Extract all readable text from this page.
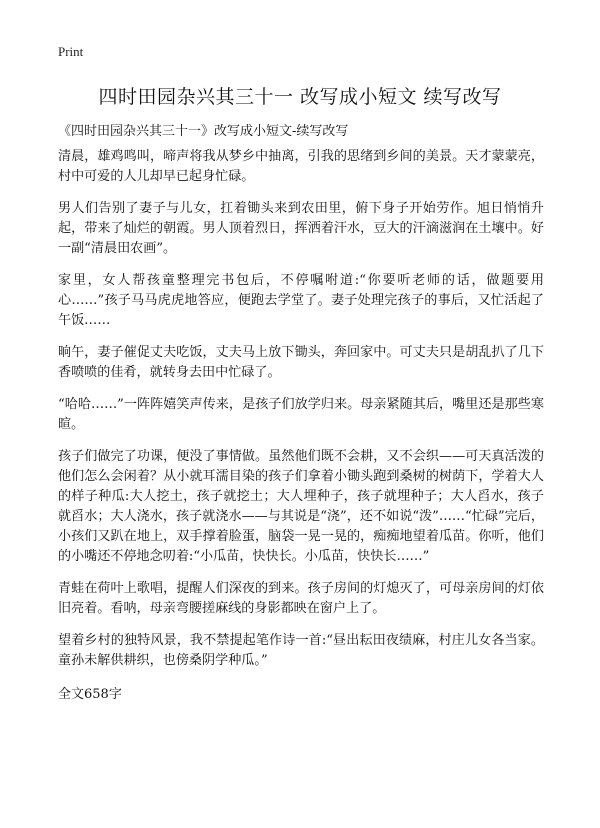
Print
四时田园杂兴其三十一 改写成小短文 续写改写
《四时田园杂兴其三十一》改写成小短文-续写改写

清晨，雄鸡鸣叫，啼声将我从梦乡中抽离，引我的思绪到乡间的美景。天才蒙蒙亮，村中可爱的人儿却早已起身忙碌。

男人们告别了妻子与儿女，扛着锄头来到农田里，俯下身子开始劳作。旭日悄悄升起，带来了灿烂的朝霞。男人顶着烈日，挥洒着汗水，豆大的汗滴滋润在土壤中。好一副“清晨田农画”。

家里，女人帮孩童整理完书包后，不停嘱咐道:“你要听老师的话，做题要用心……”孩子马马虎虎地答应，便跑去学堂了。妻子处理完孩子的事后，又忙活起了午饭……

晌午，妻子催促丈夫吃饭，丈夫马上放下锄头，奔回家中。可丈夫只是胡乱扒了几下香喷喷的佳肴，就转身去田中忙碌了。

“哈哈……”一阵阵嬉笑声传来，是孩子们放学归来。母亲紧随其后，嘴里还是那些寒暄。

孩子们做完了功课，便没了事情做。虽然他们既不会耕，又不会织——可天真活泼的他们怎么会闲着？从小就耳濡目染的孩子们拿着小锄头跑到桑树的树荫下，学着大人的样子种瓜:大人挖土，孩子就挖土；大人埋种子，孩子就埋种子；大人舀水，孩子就舀水；大人浇水，孩子就浇水——与其说是“浇”，还不如说“泼”……“忙碌”完后，小孩们又趴在地上，双手撑着脸蛋，脑袋一晃一晃的，痴痴地望着瓜苗。你听，他们的小嘴还不停地念叨着:“小瓜苗，快快长。小瓜苗，快快长……”

青蛙在荷叶上歌唱，提醒人们深夜的到来。孩子房间的灯熄灭了，可母亲房间的灯依旧亮着。看呐，母亲弯腰搓麻线的身影都映在窗户上了。

望着乡村的独特风景，我不禁提起笔作诗一首:“昼出耘田夜绩麻，村庄儿女各当家。童孙未解供耕织，也傍桑阴学种瓜。”

全文658字
